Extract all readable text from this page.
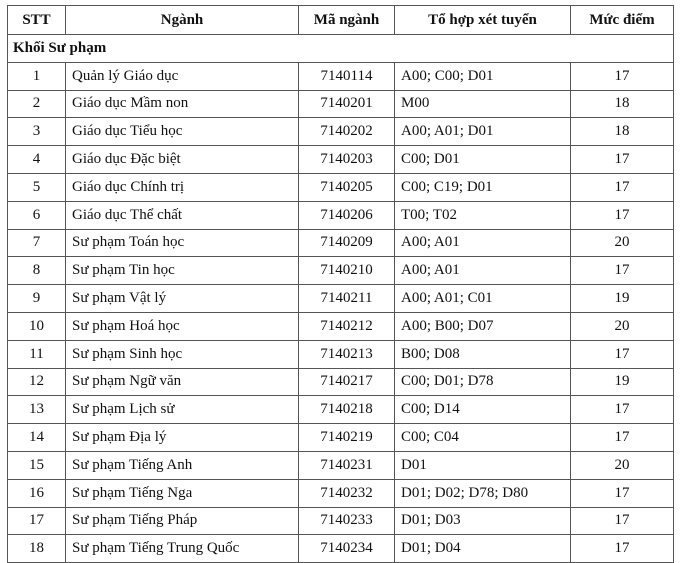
STT	Ngành	Mã ngành	Tổ hợp xét tuyển	Mức điểm
Khối Sư phạm				
1	Quản lý Giáo dục	7140114	A00; C00; D01	17
2	Giáo dục Mầm non	7140201	M00	18
3	Giáo dục Tiểu học	7140202	A00; A01; D01	18
4	Giáo dục Đặc biệt	7140203	C00; D01	17
5	Giáo dục Chính trị	7140205	C00; C19; D01	17
6	Giáo dục Thể chất	7140206	T00; T02	17
7	Sư phạm Toán học	7140209	A00; A01	20
8	Sư phạm Tin học	7140210	A00; A01	17
9	Sư phạm Vật lý	7140211	A00; A01; C01	19
10	Sư phạm Hoá học	7140212	A00; B00; D07	20
11	Sư phạm Sinh học	7140213	B00; D08	17
12	Sư phạm Ngữ văn	7140217	C00; D01; D78	19
13	Sư phạm Lịch sử	7140218	C00; D14	17
14	Sư phạm Địa lý	7140219	C00; C04	17
15	Sư phạm Tiếng Anh	7140231	D01	20
16	Sư phạm Tiếng Nga	7140232	D01; D02; D78; D80	17
17	Sư phạm Tiếng Pháp	7140233	D01; D03	17
18	Sư phạm Tiếng Trung Quốc	7140234	D01; D04	17
